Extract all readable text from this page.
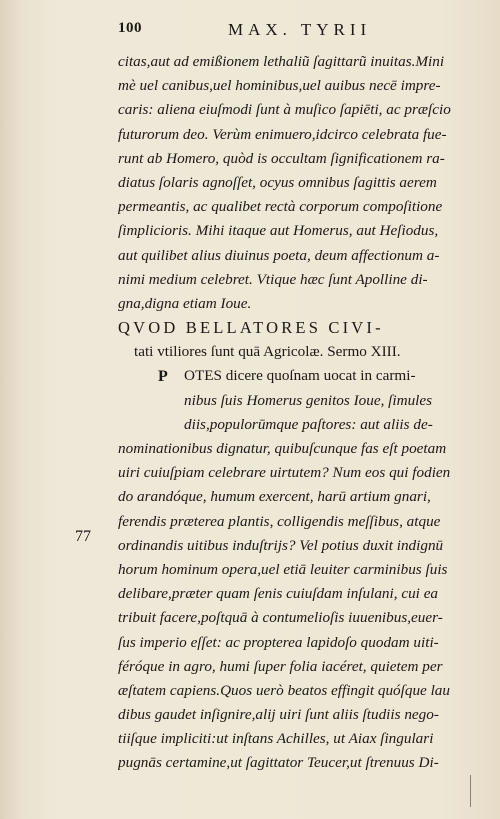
100	MAX. TYRII
citas,aut ad emißionem lethaliũ ſagittarũ inuitas.Mini
mè uel canibus,uel hominibus,uel auibus necē impre-
caris: aliena eiuſmodi ſunt à muſico ſapiēti, ac præſcio
futurorum deo. Verùm enimuero,idcirco celebrata fue-
runt ab Homero, quòd is occultam ſignificationem ra-
diatus ſolaris agnoſſet, ocyus omnibus ſagittis aerem
permeantis, ac qualibet rectà corporum compoſitione
ſimplicioris. Mihi itaque aut Homerus, aut Heſiodus,
aut quilibet alius diuinus poeta, deum affectionum a-
nimi medium celebret. Vtique hæc ſunt Apolline di-
gna,digna etiam Ioue.
QVOD BELLATORES CIVI-
tati vtiliores ſunt quā Agricolæ. Sermo XIII.
OTES dicere quoſnam uocat in carmi-
nibus ſuis Homerus genitos Ioue, ſimules
diis,populorūmque paſtores: aut aliis de-
nominationibus dignatur, quibuſcunque fas eſt poetam
uiri cuiuſpiam celebrare uirtutem? Num eos qui fodien
do arandóque, humum exercent, harū artium gnari,
ferendis præterea plantis, colligendis meſſibus, atque
ordinandis uitibus induſtrijs? Vel potius duxit indignū
horum hominum opera,uel etiā leuiter carminibus ſuis
delibare,præter quam ſenis cuiuſdam inſulani, cui ea
tribuit facere,poſtquā à contumelioſis iuuenibus,euer-
ſus imperio eſſet: ac propterea lapidoſo quodam uiti-
féróque in agro, humi ſuper folia iacéret, quietem per
æſtatem capiens.Quos uerò beatos effingit quóſque lau
dibus gaudet inſignire,alij uiri ſunt aliis ſtudiis nego-
tiiſque impliciti:ut inſtans Achilles, ut Aiax ſingulari
pugnās certamine,ut ſagittator Teucer,ut ſtrenuus Di-
P
77
